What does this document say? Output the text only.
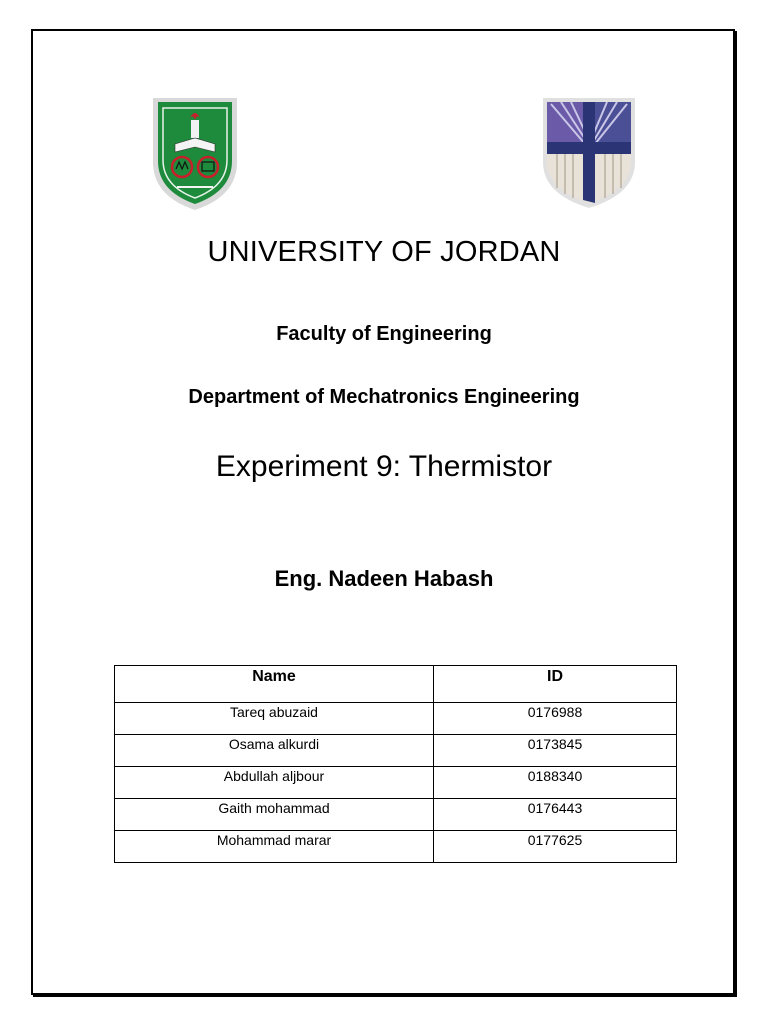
UNIVERSITY OF JORDAN
Faculty of Engineering
Department of Mechatronics Engineering
Experiment 9: Thermistor
Eng. Nadeen Habash
Name	ID
Tareq abuzaid	0176988
Osama alkurdi	0173845
Abdullah aljbour	0188340
Gaith mohammad	0176443
Mohammad marar	0177625
